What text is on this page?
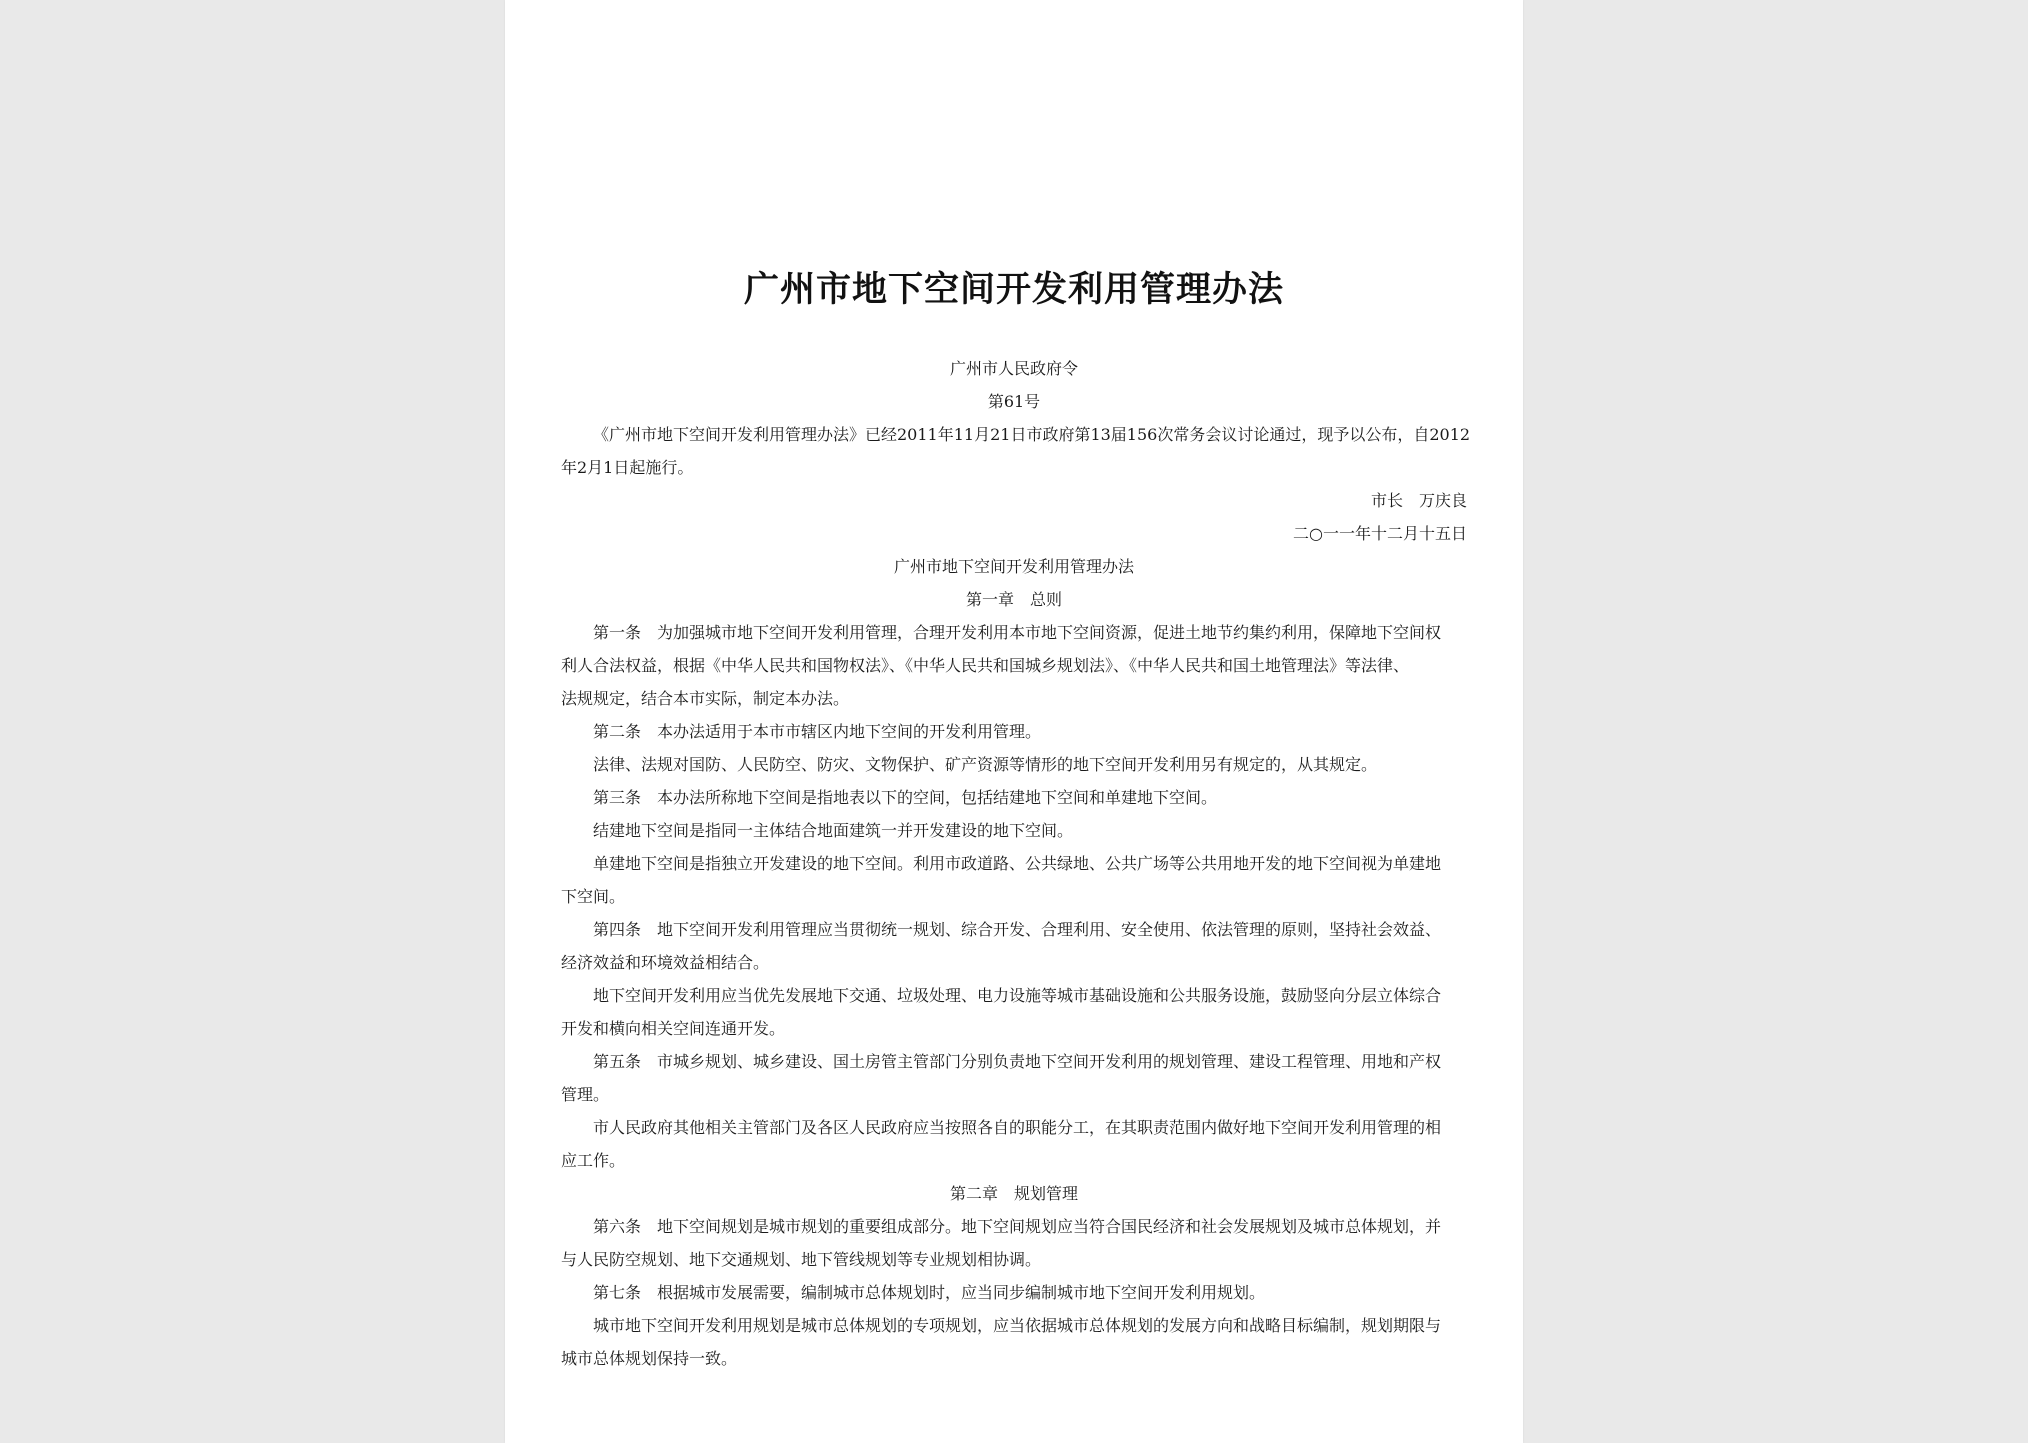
广州市地下空间开发利用管理办法

广州市人民政府令

第61号

《广州市地下空间开发利用管理办法》已经2011年11月21日市政府第13届156次常务会议讨论通过，现予以公布，自2012

年2月1日起施行。

市长　万庆良

二○一一年十二月十五日

广州市地下空间开发利用管理办法

第一章　总则

第一条 为加强城市地下空间开发利用管理，合理开发利用本市地下空间资源，促进土地节约集约利用，保障地下空间权

利人合法权益，根据《中华人民共和国物权法》、《中华人民共和国城乡规划法》、《中华人民共和国土地管理法》等法律、

法规规定，结合本市实际，制定本办法。

第二条 本办法适用于本市市辖区内地下空间的开发利用管理。

法律、法规对国防、人民防空、防灾、文物保护、矿产资源等情形的地下空间开发利用另有规定的，从其规定。

第三条 本办法所称地下空间是指地表以下的空间，包括结建地下空间和单建地下空间。

结建地下空间是指同一主体结合地面建筑一并开发建设的地下空间。

单建地下空间是指独立开发建设的地下空间。利用市政道路、公共绿地、公共广场等公共用地开发的地下空间视为单建地

下空间。

第四条 地下空间开发利用管理应当贯彻统一规划、综合开发、合理利用、安全使用、依法管理的原则，坚持社会效益、

经济效益和环境效益相结合。

地下空间开发利用应当优先发展地下交通、垃圾处理、电力设施等城市基础设施和公共服务设施，鼓励竖向分层立体综合

开发和横向相关空间连通开发。

第五条 市城乡规划、城乡建设、国土房管主管部门分别负责地下空间开发利用的规划管理、建设工程管理、用地和产权

管理。

市人民政府其他相关主管部门及各区人民政府应当按照各自的职能分工，在其职责范围内做好地下空间开发利用管理的相

应工作。

第二章　规划管理

第六条 地下空间规划是城市规划的重要组成部分。地下空间规划应当符合国民经济和社会发展规划及城市总体规划，并

与人民防空规划、地下交通规划、地下管线规划等专业规划相协调。

第七条 根据城市发展需要，编制城市总体规划时，应当同步编制城市地下空间开发利用规划。

城市地下空间开发利用规划是城市总体规划的专项规划，应当依据城市总体规划的发展方向和战略目标编制，规划期限与

城市总体规划保持一致。
